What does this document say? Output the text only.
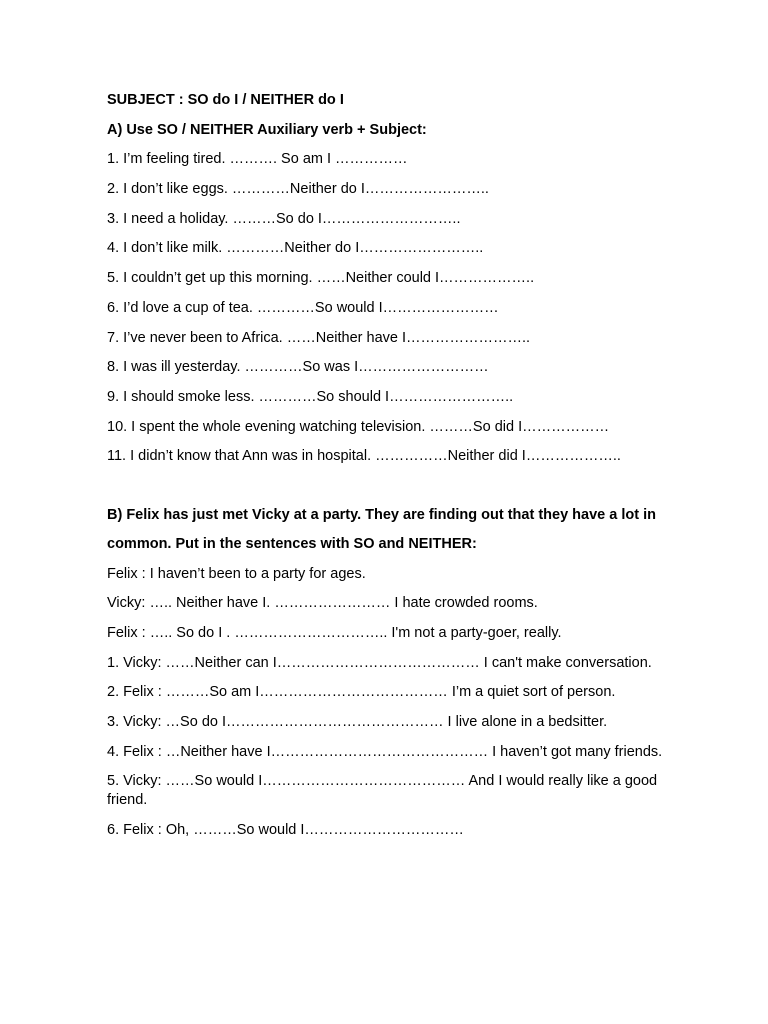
SUBJECT : SO do I / NEITHER do I
A) Use SO / NEITHER Auxiliary verb + Subject:
1. I’m feeling tired. ………. So am I ……………
2. I don’t like eggs. …………Neither do I……………………..
3. I need a holiday. ………So do I………………………..
4. I don’t like milk. …………Neither do I……………………..
5. I couldn’t get up this morning. ……Neither could I………………..
6. I’d love a cup of tea. …………So would I……………………
7. I’ve never been to Africa. ……Neither have I……………………..
8. I was ill yesterday. …………So was I………………………
9. I should smoke less. …………So should I……………………..
10. I spent the whole evening watching television. ………So did I………………
11. I didn’t know that Ann was in hospital. ……………Neither did I………………..
B) Felix has just met Vicky at a party. They are finding out that they have a lot in
common. Put in the sentences with SO and NEITHER:
Felix : I haven’t been to a party for ages.
Vicky: ….. Neither have I. …………………… I hate crowded rooms.
Felix : ….. So do I . ………………………….. I'm not a party-goer, really.
1. Vicky: ……Neither can I…………………………………… I can't make conversation.
2. Felix : ………So am I………………………………… I’m a quiet sort of person.
3. Vicky: …So do I……………………………………… I live alone in a bedsitter.
4. Felix : …Neither have I……………………………………… I haven’t got many friends.
5. Vicky: ……So would I…………………………………… And I would really like a good friend.
6. Felix : Oh, ………So would I……………………………
